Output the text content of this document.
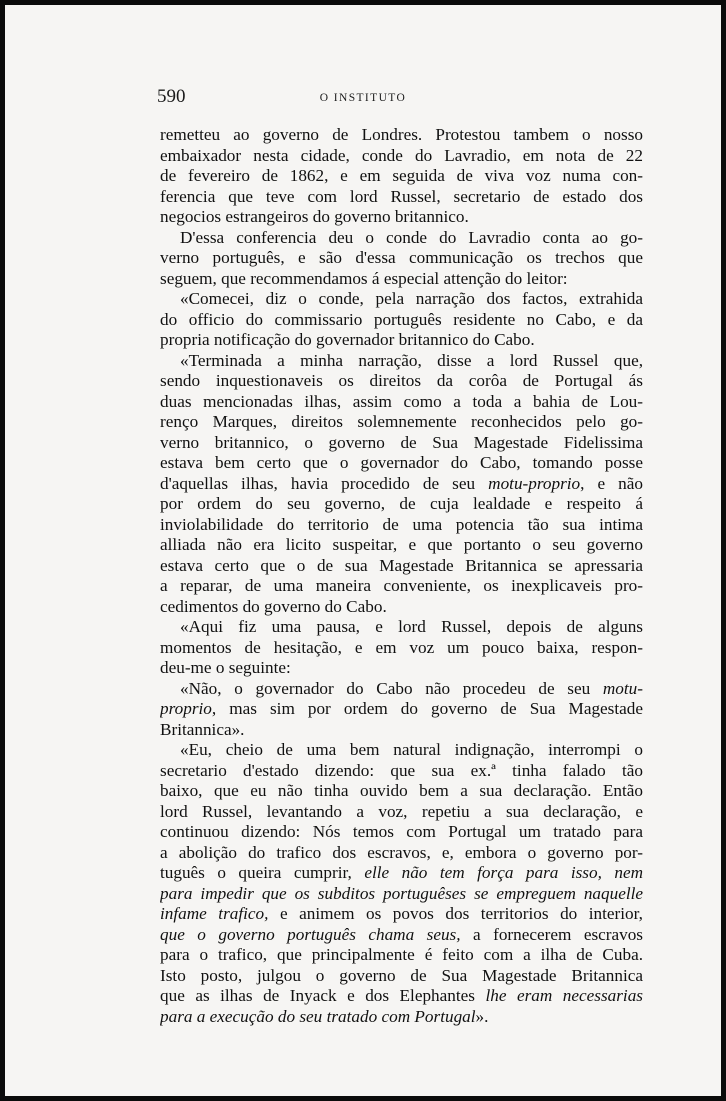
590	O INSTITUTO
remetteu ao governo de Londres. Protestou tambem o nosso
embaixador nesta cidade, conde do Lavradio, em nota de 22
de fevereiro de 1862, e em seguida de viva voz numa con-
ferencia que teve com lord Russel, secretario de estado dos
negocios estrangeiros do governo britannico.
D'essa conferencia deu o conde do Lavradio conta ao go-
verno português, e são d'essa communicação os trechos que
seguem, que recommendamos á especial attenção do leitor:
«Comecei, diz o conde, pela narração dos factos, extrahida
do officio do commissario português residente no Cabo, e da
propria notificação do governador britannico do Cabo.
«Terminada a minha narração, disse a lord Russel que,
sendo inquestionaveis os direitos da corôa de Portugal ás
duas mencionadas ilhas, assim como a toda a bahia de Lou-
renço Marques, direitos solemnemente reconhecidos pelo go-
verno britannico, o governo de Sua Magestade Fidelissima
estava bem certo que o governador do Cabo, tomando posse
d'aquellas ilhas, havia procedido de seu motu-proprio, e não
por ordem do seu governo, de cuja lealdade e respeito á
inviolabilidade do territorio de uma potencia tão sua intima
alliada não era licito suspeitar, e que portanto o seu governo
estava certo que o de sua Magestade Britannica se apressaria
a reparar, de uma maneira conveniente, os inexplicaveis pro-
cedimentos do governo do Cabo.
«Aqui fiz uma pausa, e lord Russel, depois de alguns
momentos de hesitação, e em voz um pouco baixa, respon-
deu-me o seguinte:
«Não, o governador do Cabo não procedeu de seu motu-
proprio, mas sim por ordem do governo de Sua Magestade
Britannica».
«Eu, cheio de uma bem natural indignação, interrompi o
secretario d'estado dizendo: que sua ex.ª tinha falado tão
baixo, que eu não tinha ouvido bem a sua declaração. Então
lord Russel, levantando a voz, repetiu a sua declaração, e
continuou dizendo: Nós temos com Portugal um tratado para
a abolição do trafico dos escravos, e, embora o governo por-
tuguês o queira cumprir, elle não tem força para isso, nem
para impedir que os subditos portuguêses se empreguem naquelle
infame trafico, e animem os povos dos territorios do interior,
que o governo português chama seus, a fornecerem escravos
para o trafico, que principalmente é feito com a ilha de Cuba.
Isto posto, julgou o governo de Sua Magestade Britannica
que as ilhas de Inyack e dos Elephantes lhe eram necessarias
para a execução do seu tratado com Portugal».
